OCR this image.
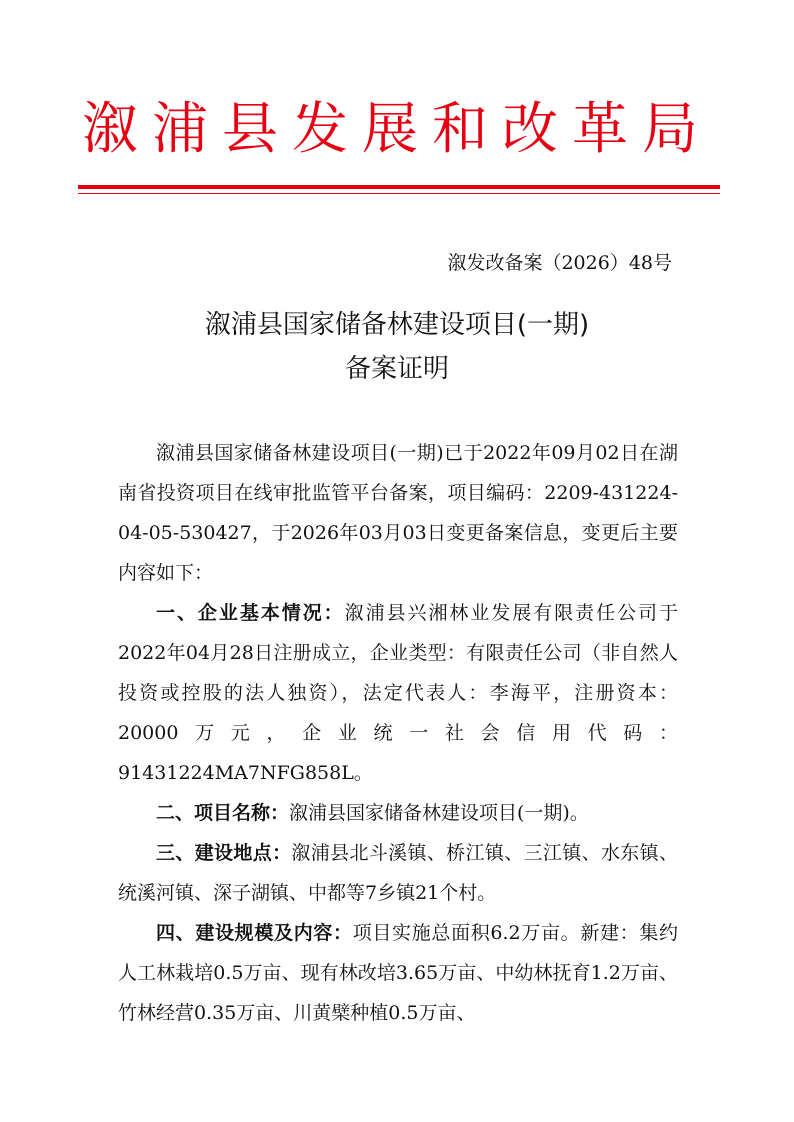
溆浦县发展和改革局
溆发改备案（2026）48号
溆浦县国家储备林建设项目(一期)
备案证明

溆浦县国家储备林建设项目(一期)已于2022年09月02日在湖南省投资项目在线审批监管平台备案，项目编码：2209-431224-04-05-530427，于2026年03月03日变更备案信息，变更后主要内容如下：

一、企业基本情况：溆浦县兴湘林业发展有限责任公司于2022年04月28日注册成立，企业类型：有限责任公司（非自然人投资或控股的法人独资），法定代表人：李海平，注册资本：20000万元，企业统一社会信用代码：91431224MA7NFG858L。

二、项目名称：溆浦县国家储备林建设项目(一期)。

三、建设地点：溆浦县北斗溪镇、桥江镇、三江镇、水东镇、统溪河镇、深子湖镇、中都等7乡镇21个村。

四、建设规模及内容：项目实施总面积6.2万亩。新建：集约人工林栽培0.5万亩、现有林改培3.65万亩、中幼林抚育1.2万亩、竹林经营0.35万亩、川黄檗种植0.5万亩、
